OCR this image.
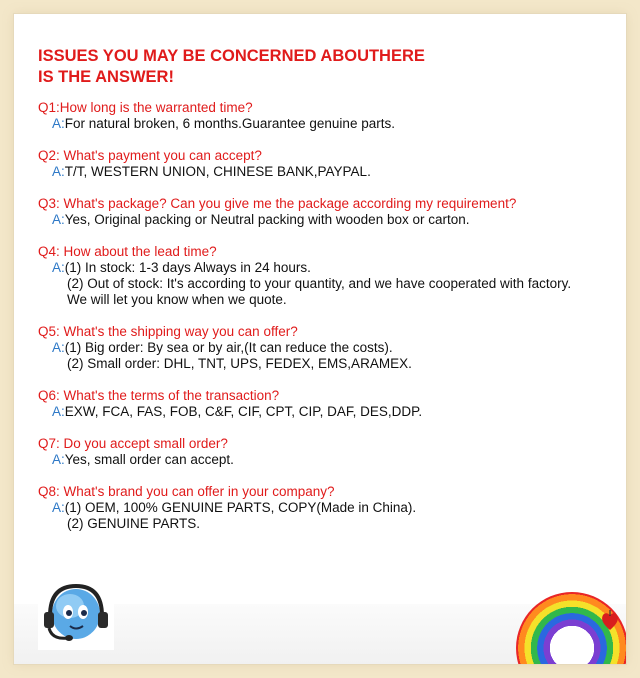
ISSUES YOU MAY BE CONCERNED ABOUTHERE
IS THE ANSWER!
Q1:How long is the warranted time?
A:For natural broken, 6 months.Guarantee genuine parts.
Q2: What's payment you can accept?
A:T/T, WESTERN UNION, CHINESE BANK,PAYPAL.
Q3: What's package? Can you give me the package according my requirement?
A:Yes, Original packing or Neutral packing with wooden box or carton.
Q4: How about the lead time?
A:(1) In stock: 1-3 days Always in 24 hours.
(2) Out of stock: It's according to your quantity, and we have cooperated with factory.
We will let you know when we quote.
Q5: What's the shipping way you can offer?
A:(1) Big order: By sea or by air,(It can reduce the costs).
(2) Small order: DHL, TNT, UPS, FEDEX, EMS,ARAMEX.
Q6: What's the terms of the transaction?
A:EXW, FCA, FAS, FOB, C&F, CIF, CPT, CIP, DAF, DES,DDP.
Q7: Do you accept small order?
A:Yes, small order can accept.
Q8: What's brand you can offer in your company?
A:(1) OEM, 100% GENUINE PARTS, COPY(Made in China).
(2) GENUINE PARTS.
